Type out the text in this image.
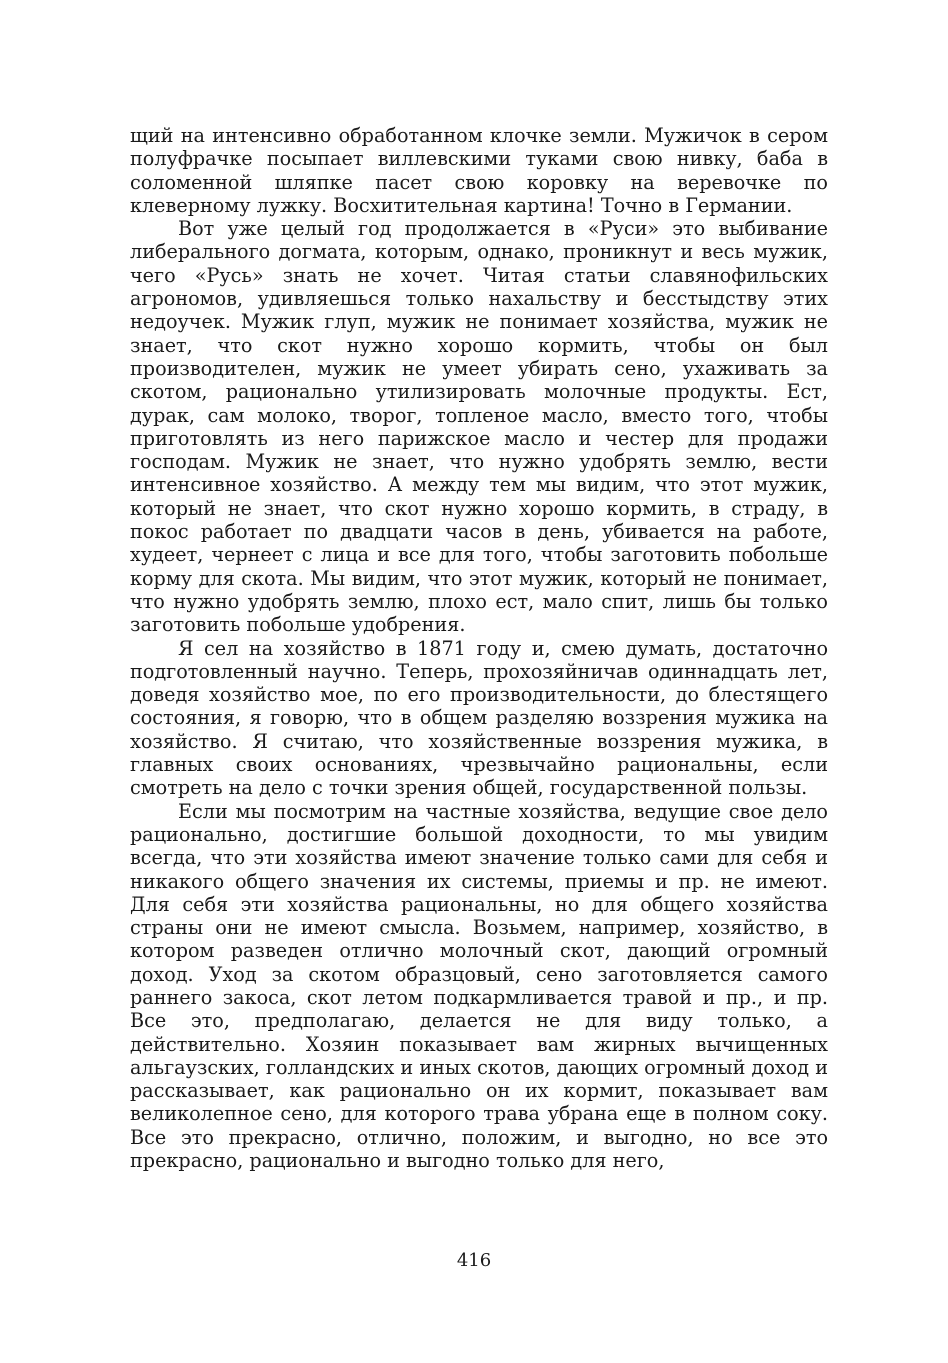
щий на интенсивно обработанном клочке земли. Мужичок в сером полуфрачке посыпает виллевскими туками свою нивку, баба в соломенной шляпке пасет свою коровку на веревочке по клеверному лужку. Восхитительная картина! Точно в Германии.

Вот уже целый год продолжается в «Руси» это выбивание либерального догмата, которым, однако, проникнут и весь мужик, чего «Русь» знать не хочет. Читая статьи славянофильских агрономов, удивляешься только нахальству и бесстыдству этих недоучек. Мужик глуп, мужик не понимает хозяйства, мужик не знает, что скот нужно хорошо кормить, чтобы он был производителен, мужик не умеет убирать сено, ухаживать за скотом, рационально утилизировать молочные продукты. Ест, дурак, сам молоко, творог, топленое масло, вместо того, чтобы приготовлять из него парижское масло и честер для продажи господам. Мужик не знает, что нужно удобрять землю, вести интенсивное хозяйство. А между тем мы видим, что этот мужик, который не знает, что скот нужно хорошо кормить, в страду, в покос работает по двадцати часов в день, убивается на работе, худеет, чернеет с лица и все для того, чтобы заготовить побольше корму для скота. Мы видим, что этот мужик, который не понимает, что нужно удобрять землю, плохо ест, мало спит, лишь бы только заготовить побольше удобрения.

Я сел на хозяйство в 1871 году и, смею думать, достаточно подготовленный научно. Теперь, прохозяйничав одиннадцать лет, доведя хозяйство мое, по его производительности, до блестящего состояния, я говорю, что в общем разделяю воззрения мужика на хозяйство. Я считаю, что хозяйственные воззрения мужика, в главных своих основаниях, чрезвычайно рациональны, если смотреть на дело с точки зрения общей, государственной пользы.

Если мы посмотрим на частные хозяйства, ведущие свое дело рационально, достигшие большой доходности, то мы увидим всегда, что эти хозяйства имеют значение только сами для себя и никакого общего значения их системы, приемы и пр. не имеют. Для себя эти хозяйства рациональны, но для общего хозяйства страны они не имеют смысла. Возьмем, например, хозяйство, в котором разведен отлично молочный скот, дающий огромный доход. Уход за скотом образцовый, сено заготовляется самого раннего закоса, скот летом подкармливается травой и пр., и пр. Все это, предполагаю, делается не для виду только, а действительно. Хозяин показывает вам жирных вычищенных альгаузских, голландских и иных скотов, дающих огромный доход и рассказывает, как рационально он их кормит, показывает вам великолепное сено, для которого трава убрана еще в полном соку. Все это прекрасно, отлично, положим, и выгодно, но все это прекрасно, рационально и выгодно только для него,

416
